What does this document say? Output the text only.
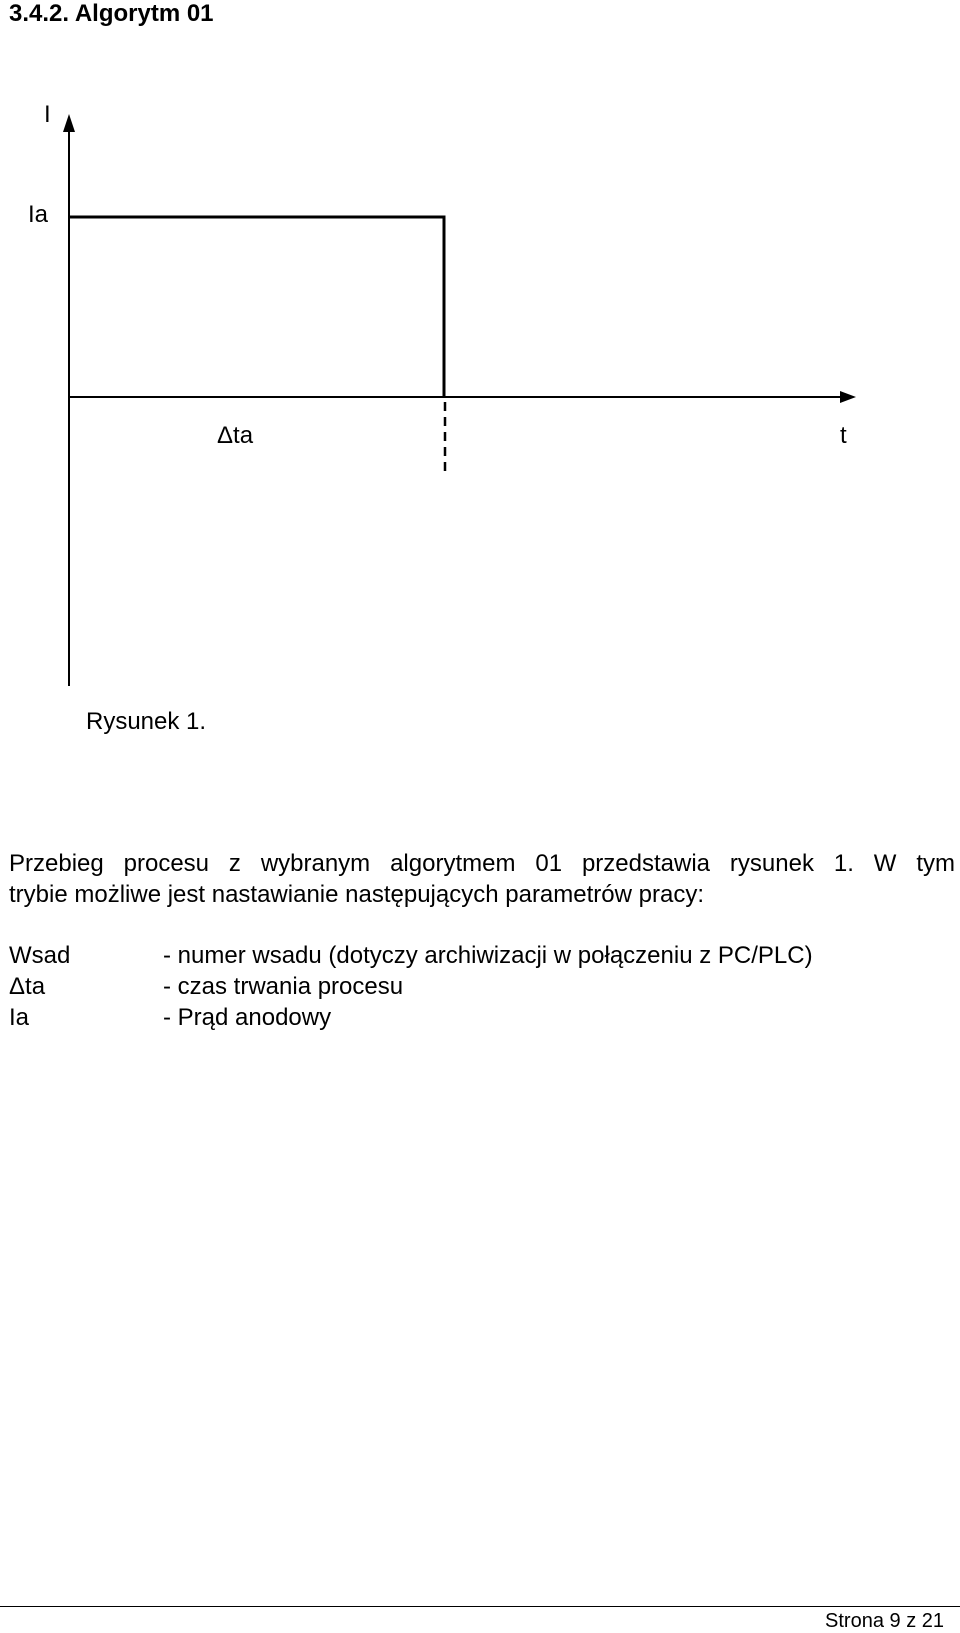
3.4.2. Algorytm 01
I
Ia
Δta	t
Rysunek 1.
Przebieg procesu z wybranym algorytmem 01 przedstawia rysunek 1. W tym
trybie możliwe jest nastawianie następujących parametrów pracy:
Wsad	- numer wsadu (dotyczy archiwizacji w połączeniu z PC/PLC)
Δta	- czas trwania procesu
Ia	- Prąd anodowy
Strona 9 z 21
